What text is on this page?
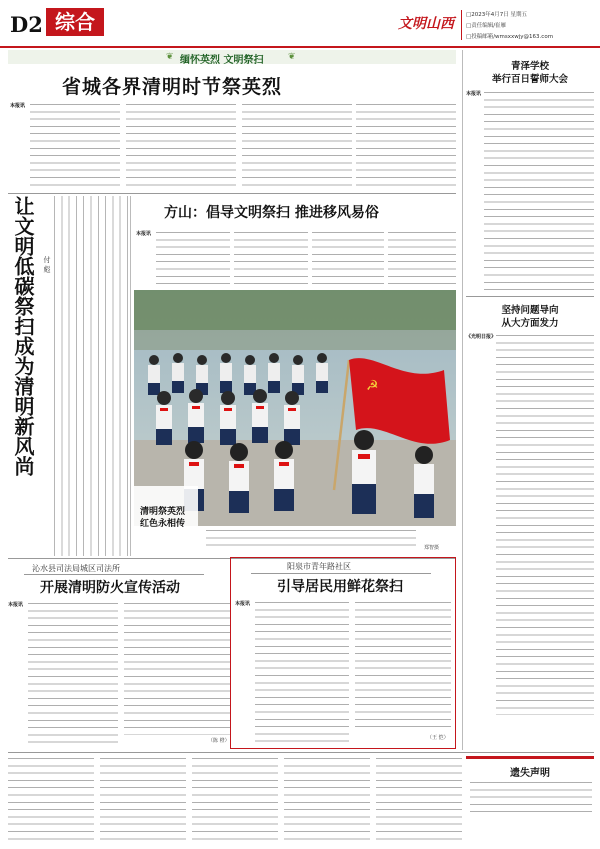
D2 综合	文明山西
□2023年4月7日 星期五
□责任编辑/崔雁
□投稿邮箱/wmsxxwjy@163.com
❦ 缅怀英烈 文明祭扫	❦
省城各界清明时节祭英烈
本报讯
让文明低碳祭扫成为清明新风尚 付 彪
方山：倡导文明祭扫 推进移风易俗
本报讯
☭
清明祭英烈
红色永相传
郑智摄
沁水县司法局城区司法所
开展清明防火宣传活动
本报讯
（陈 橙）
阳泉市青年路社区
引导居民用鲜花祭扫
本报讯
（王 恺）
青泽学校
举行百日誓师大会
本报讯
坚持问题导向
从大方面发力
《光明日报》
遗失声明
